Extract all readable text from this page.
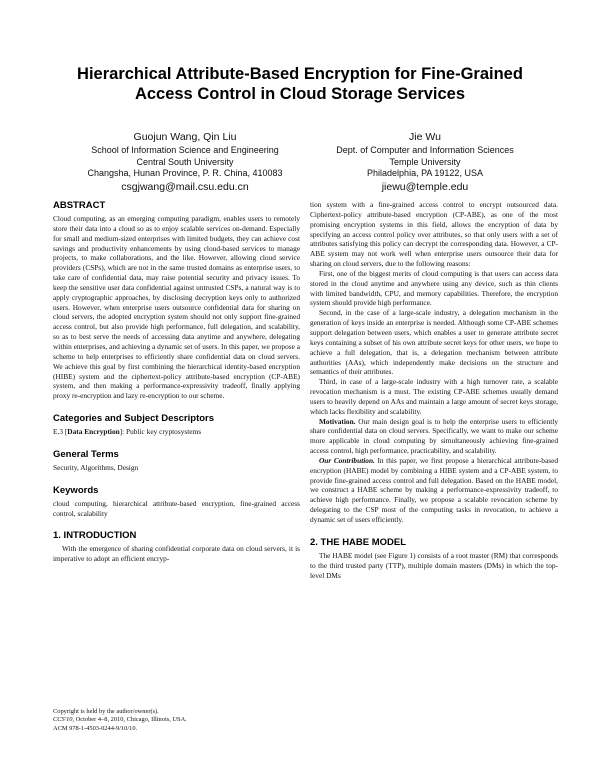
Hierarchical Attribute-Based Encryption for Fine-Grained
Access Control in Cloud Storage Services
Guojun Wang, Qin Liu
School of Information Science and Engineering
Central South University
Changsha, Hunan Province, P. R. China, 410083
csgjwang@mail.csu.edu.cn
Jie Wu
Dept. of Computer and Information Sciences
Temple University
Philadelphia, PA 19122, USA
jiewu@temple.edu
ABSTRACT

Cloud computing, as an emerging computing paradigm, enables users to remotely store their data into a cloud so as to enjoy scalable services on-demand. Especially for small and medium-sized enterprises with limited budgets, they can achieve cost savings and productivity enhancements by using cloud-based services to manage projects, to make collaborations, and the like. However, allowing cloud service providers (CSPs), which are not in the same trusted domains as enterprise users, to take care of confidential data, may raise potential security and privacy issues. To keep the sensitive user data confidential against untrusted CSPs, a natural way is to apply cryptographic approaches, by disclosing decryption keys only to authorized users. However, when enterprise users outsource confidential data for sharing on cloud servers, the adopted encryption system should not only support fine-grained access control, but also provide high performance, full delegation, and scalability, so as to best serve the needs of accessing data anytime and anywhere, delegating within enterprises, and achieving a dynamic set of users. In this paper, we propose a scheme to help enterprises to efficiently share confidential data on cloud servers. We achieve this goal by first combining the hierarchical identity-based encryption (HIBE) system and the ciphertext-policy attribute-based encryption (CP-ABE) system, and then making a performance-expressivity tradeoff, finally applying proxy re-encryption and lazy re-encryption to our scheme.

Categories and Subject Descriptors

E.3 [Data Encryption]: Public key cryptosystems

General Terms

Security, Algorithms, Design

Keywords

cloud computing, hierarchical attribute-based encryption, fine-grained access control, scalability

1. INTRODUCTION

With the emergence of sharing confidential corporate data on cloud servers, it is imperative to adopt an efficient encryp-

Copyright is held by the author/owner(s).
CCS'10, October 4–8, 2010, Chicago, Illinois, USA.
ACM 978-1-4503-0244-9/10/10.

tion system with a fine-grained access control to encrypt outsourced data. Ciphertext-policy attribute-based encryption (CP-ABE), as one of the most promising encryption systems in this field, allows the encryption of data by specifying an access control policy over attributes, so that only users with a set of attributes satisfying this policy can decrypt the corresponding data. However, a CP-ABE system may not work well when enterprise users outsource their data for sharing on cloud servers, due to the following reasons:

First, one of the biggest merits of cloud computing is that users can access data stored in the cloud anytime and anywhere using any device, such as thin clients with limited bandwidth, CPU, and memory capabilities. Therefore, the encryption system should provide high performance.

Second, in the case of a large-scale industry, a delegation mechanism in the generation of keys inside an enterprise is needed. Although some CP-ABE schemes support delegation between users, which enables a user to generate attribute secret keys containing a subset of his own attribute secret keys for other users, we hope to achieve a full delegation, that is, a delegation mechanism between attribute authorities (AAs), which independently make decisions on the structure and semantics of their attributes.

Third, in case of a large-scale industry with a high turnover rate, a scalable revocation mechanism is a must. The existing CP-ABE schemes usually demand users to heavily depend on AAs and maintain a large amount of secret keys storage, which lacks flexibility and scalability.

Motivation. Our main design goal is to help the enterprise users to efficiently share confidential data on cloud servers. Specifically, we want to make our scheme more applicable in cloud computing by simultaneously achieving fine-grained access control, high performance, practicability, and scalability.

Our Contribution. In this paper, we first propose a hierarchical attribute-based encryption (HABE) model by combining a HIBE system and a CP-ABE system, to provide fine-grained access control and full delegation. Based on the HABE model, we construct a HABE scheme by making a performance-expressivity tradeoff, to achieve high performance. Finally, we propose a scalable revocation scheme by delegating to the CSP most of the computing tasks in revocation, to achieve a dynamic set of users efficiently.

2. THE HABE MODEL

The HABE model (see Figure 1) consists of a root master (RM) that corresponds to the third trusted party (TTP), multiple domain masters (DMs) in which the top-level DMs
